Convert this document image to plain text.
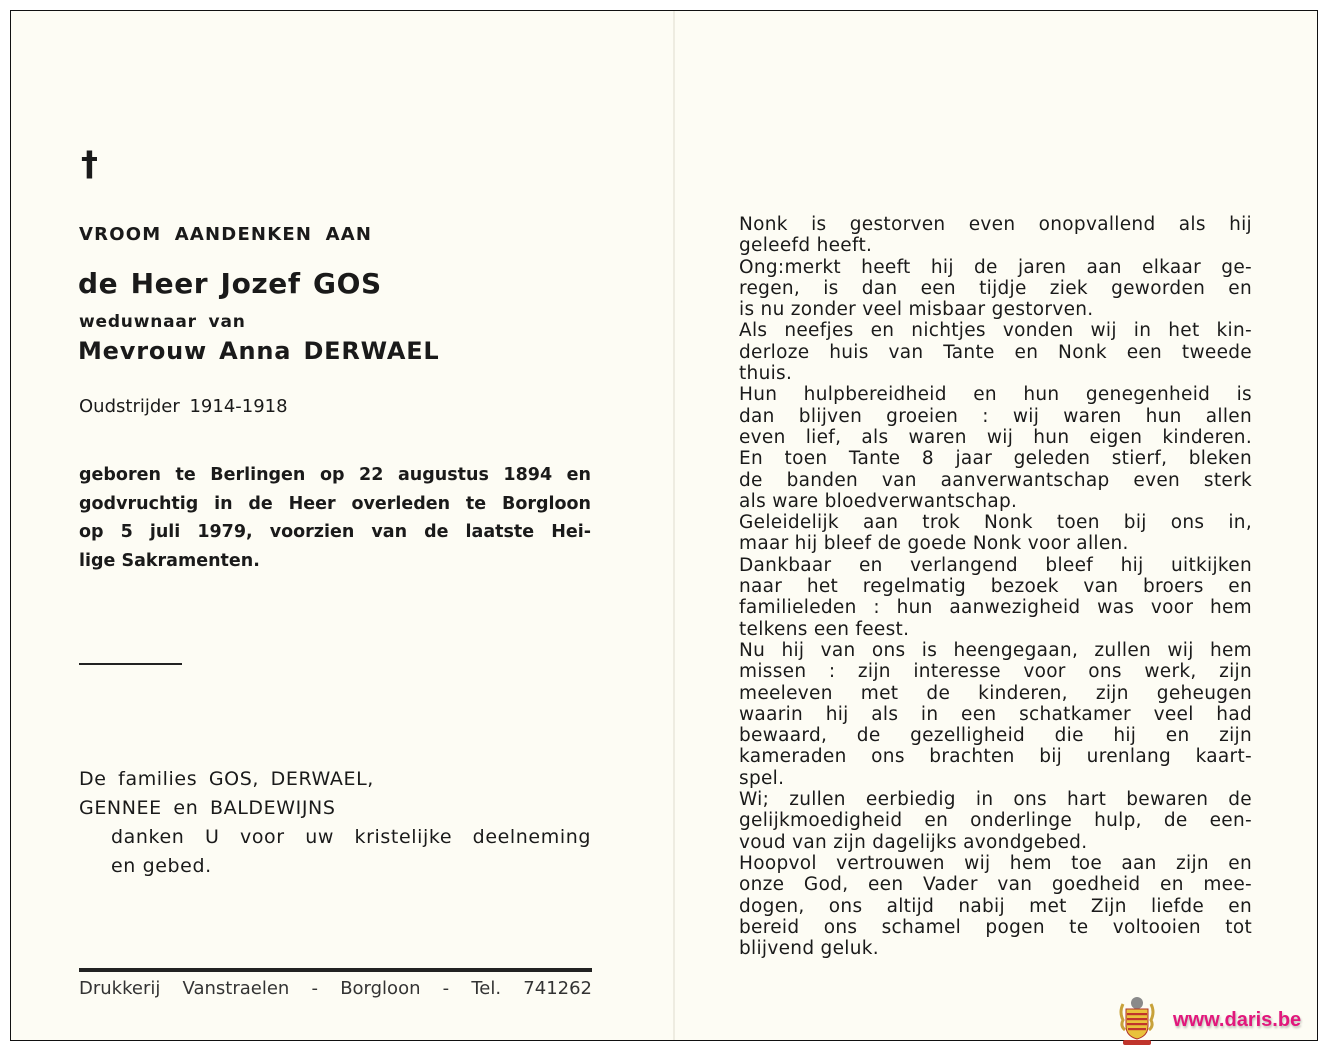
†
VROOM AANDENKEN AAN
de Heer Jozef GOS
weduwnaar van
Mevrouw Anna DERWAEL
Oudstrijder 1914-1918
geboren te Berlingen op 22 augustus 1894 en
godvruchtig in de Heer overleden te Borgloon
op 5 juli 1979, voorzien van de laatste Hei-
lige Sakramenten.
De families GOS, DERWAEL,
GENNEE en BALDEWIJNS
danken U voor uw kristelijke deelneming
en gebed.
Drukkerij Vanstraelen - Borgloon - Tel. 741262
Nonk is gestorven even onopvallend als hij
geleefd heeft.
Ong:merkt heeft hij de jaren aan elkaar ge-
regen, is dan een tijdje ziek geworden en
is nu zonder veel misbaar gestorven.
Als neefjes en nichtjes vonden wij in het kin-
derloze huis van Tante en Nonk een tweede
thuis.
Hun hulpbereidheid en hun genegenheid is
dan blijven groeien : wij waren hun allen
even lief, als waren wij hun eigen kinderen.
En toen Tante 8 jaar geleden stierf, bleken
de banden van aanverwantschap even sterk
als ware bloedverwantschap.
Geleidelijk aan trok Nonk toen bij ons in,
maar hij bleef de goede Nonk voor allen.
Dankbaar en verlangend bleef hij uitkijken
naar het regelmatig bezoek van broers en
familieleden : hun aanwezigheid was voor hem
telkens een feest.
Nu hij van ons is heengegaan, zullen wij hem
missen : zijn interesse voor ons werk, zijn
meeleven met de kinderen, zijn geheugen
waarin hij als in een schatkamer veel had
bewaard, de gezelligheid die hij en zijn
kameraden ons brachten bij urenlang kaart-
spel.
Wi; zullen eerbiedig in ons hart bewaren de
gelijkmoedigheid en onderlinge hulp, de een-
voud van zijn dagelijks avondgebed.
Hoopvol vertrouwen wij hem toe aan zijn en
onze God, een Vader van goedheid en mee-
dogen, ons altijd nabij met Zijn liefde en
bereid ons schamel pogen te voltooien tot
blijvend geluk.
www.daris.be
